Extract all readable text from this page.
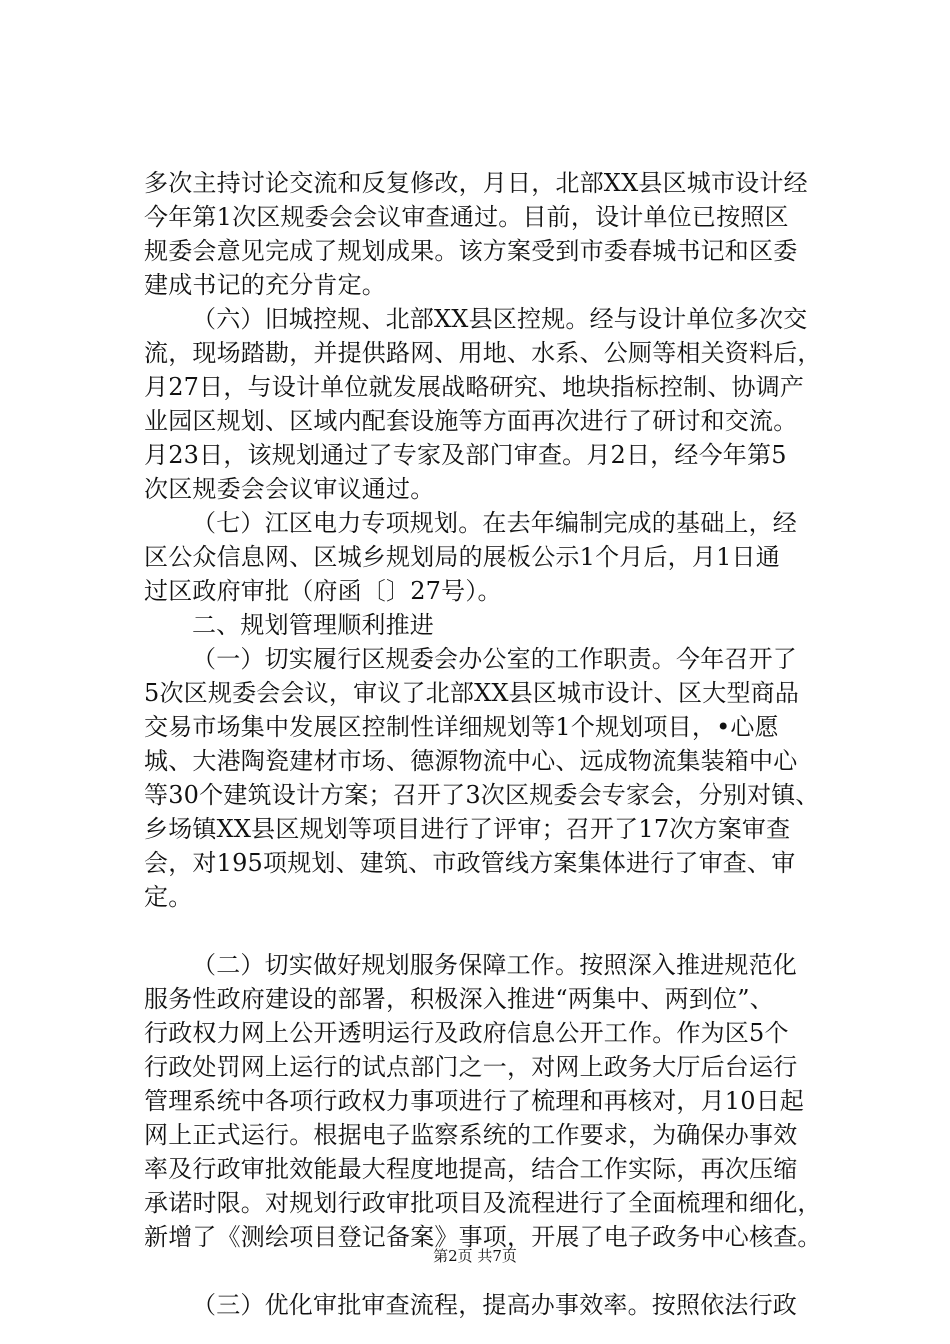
多次主持讨论交流和反复修改，月日，北部XX县区城市设计经
今年第1次区规委会会议审查通过。目前，设计单位已按照区
规委会意见完成了规划成果。该方案受到市委春城书记和区委
建成书记的充分肯定。
（六）旧城控规、北部XX县区控规。经与设计单位多次交
流，现场踏勘，并提供路网、用地、水系、公厕等相关资料后，
月27日，与设计单位就发展战略研究、地块指标控制、协调产
业园区规划、区域内配套设施等方面再次进行了研讨和交流。
月23日，该规划通过了专家及部门审查。月2日，经今年第5
次区规委会会议审议通过。
（七）江区电力专项规划。在去年编制完成的基础上，经
区公众信息网、区城乡规划局的展板公示1个月后，月1日通
过区政府审批（府函〔〕27号）。
二、规划管理顺利推进
（一）切实履行区规委会办公室的工作职责。今年召开了
5次区规委会会议，审议了北部XX县区城市设计、区大型商品
交易市场集中发展区控制性详细规划等1个规划项目，•心愿
城、大港陶瓷建材市场、德源物流中心、远成物流集装箱中心
等30个建筑设计方案；召开了3次区规委会专家会，分别对镇、
乡场镇XX县区规划等项目进行了评审；召开了17次方案审查
会，对195项规划、建筑、市政管线方案集体进行了审查、审
定。
（二）切实做好规划服务保障工作。按照深入推进规范化
服务性政府建设的部署，积极深入推进“两集中、两到位”、
行政权力网上公开透明运行及政府信息公开工作。作为区5个
行政处罚网上运行的试点部门之一，对网上政务大厅后台运行
管理系统中各项行政权力事项进行了梳理和再核对，月10日起
网上正式运行。根据电子监察系统的工作要求，为确保办事效
率及行政审批效能最大程度地提高，结合工作实际，再次压缩
承诺时限。对规划行政审批项目及流程进行了全面梳理和细化，
新增了《测绘项目登记备案》事项，开展了电子政务中心核查。
（三）优化审批审查流程，提高办事效率。按照依法行政
第2页 共7页
